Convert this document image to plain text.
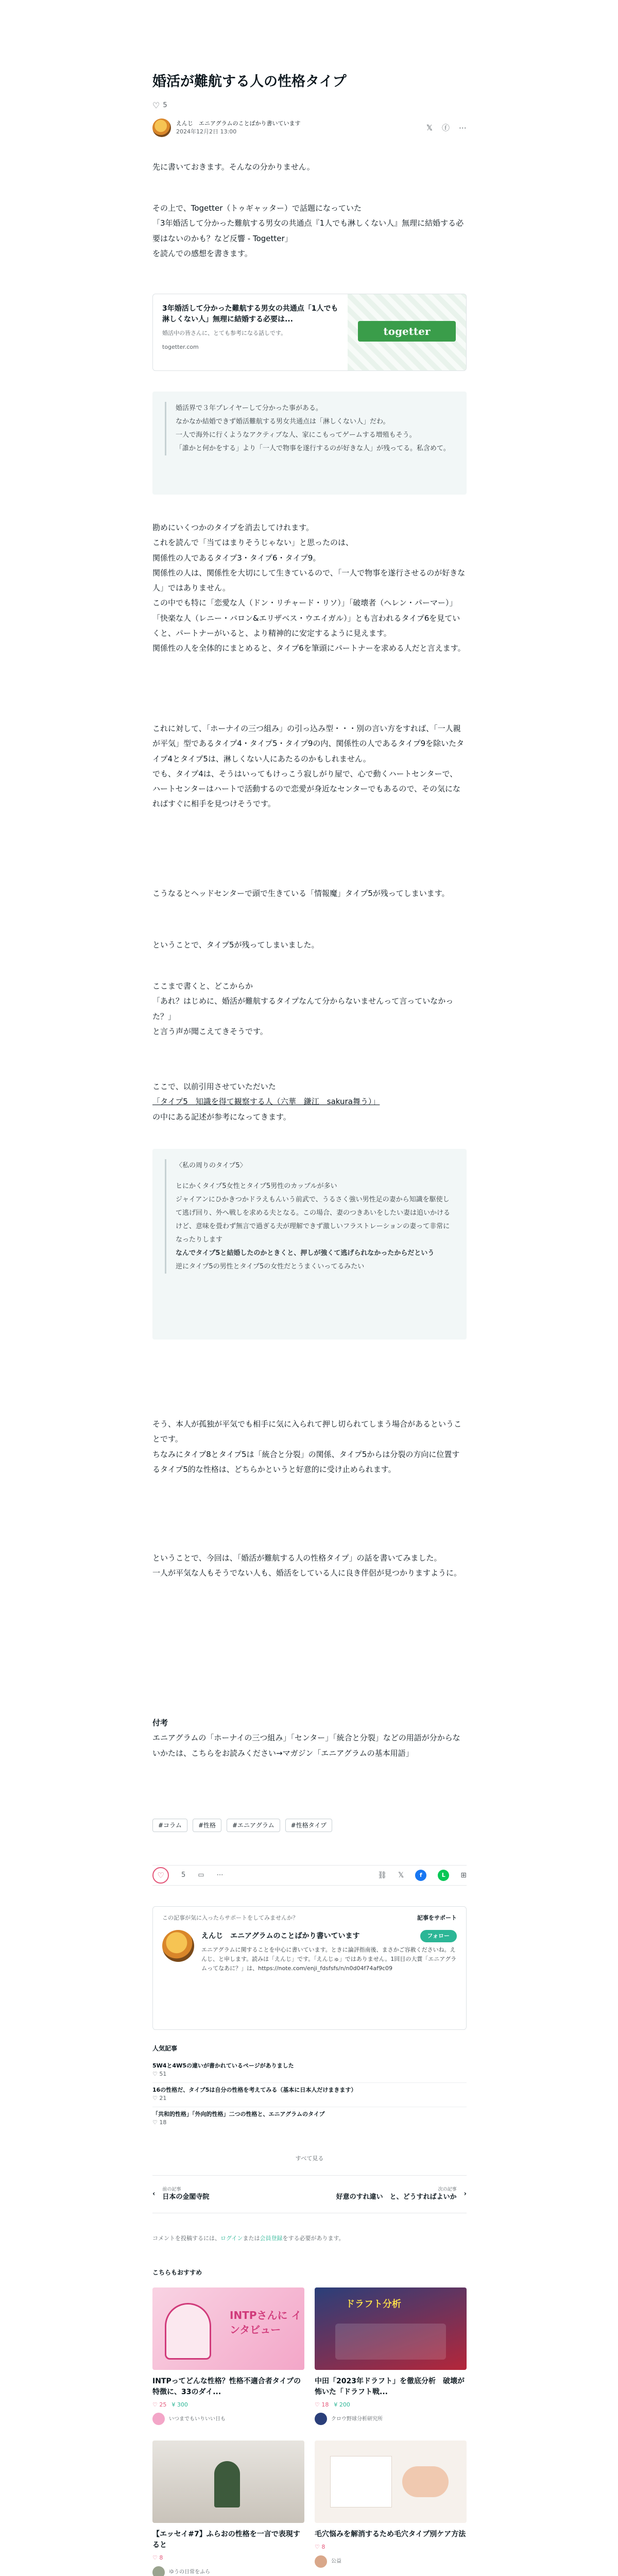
婚活が難航する人の性格タイプ
♡ 5
えんじ　エニアグラムのことばかり書いています
2024年12月2日 13:00	𝕏 ⓕ ⋯
先に書いておきます。そんなの分かりません。
その上で、Togetter（トゥギャッター）で話題になっていた
「3年婚活して分かった難航する男女の共通点『1人でも淋しくない人』無理に結婚する必要はないのかも？など反響 - Togetter」
を読んでの感想を書きます。
3年婚活して分かった難航する男女の共通点「1人でも淋しくない人」無理に結婚する必要は...
婚活中の皆さんに、とても参考になる話しです。
togetter.com
togetter
婚活界で３年プレイヤーして分かった事がある。
なかなか結婚できず婚活難航する男女共通点は「淋しくない人」だわ。
一人で海外に行くようなアクティブな人、家にこもってゲームする増殖もそう。
「誰かと何かをする」より「一人で物事を遂行するのが好きな人」が残ってる。私含めて。
勘めにいくつかのタイプを消去してけれます。
これを読んで「当てはまりそうじゃない」と思ったのは、
関係性の人であるタイプ3・タイプ6・タイプ9。
関係性の人は、関係性を大切にして生きているので、「一人で物事を遂行させるのが好きな人」ではありません。
この中でも特に「恋愛な人（ドン・リチャード・リソ）」「破壊者（ヘレン・パーマー）」「快楽な人（レニー・バロン&エリザベス・ウエイガル）」とも言われるタイプ6を見ていくと、パートナーがいると、より精神的に安定するように見えます。
関係性の人を全体的にまとめると、タイプ6を筆頭にパートナーを求める人だと言えます。
これに対して、「ホーナイの三つ組み」の引っ込み型・・・別の言い方をすれば、「一人親が平気」型であるタイプ4・タイプ5・タイプ9の内、関係性の人であるタイプ9を除いたタイプ4とタイプ5は、淋しくない人にあたるのかもしれません。
でも、タイプ4は、そうはいってもけっこう寂しがり屋で、心で動くハートセンターで、
ハートセンターはハートで活動するので恋愛が身近なセンターでもあるので、その気になればすぐに相手を見つけそうです。
こうなるとヘッドセンターで頭で生きている「情報魔」タイプ5が残ってしまいます。
ということで、タイプ5が残ってしまいました。
ここまで書くと、どこからか
「あれ？はじめに、婚活が難航するタイプなんて分からないませんって言っていなかった？」
と言う声が聞こえてきそうです。
ここで、以前引用させていただいた
「タイプ5　知識を得て観察する人（六華　鎌江　sakura舞う）」
の中にある記述が参考になってきます。
〈私の周りのタイプ5〉
ヒにかくタイプ5女性とタイプ5男性のカップルが多い
ジャイアンにひかきつかドラえもんいう前武で、うるさく強い男性足の妻から知識を駆使して逃げ回り、外へ戦しを求める夫となる。この場合、妻のつきあいをしたい妻は追いかけるけど、意味を畳わず無言で過ぎる夫が理解できず激しいフラストレーションの妻って非常になったりします
なんでタイプ5と結婚したのかときくと、押しが強くて逃げられなかったからだという
逆にタイプ5の男性とタイプ5の女性だとうまくいってるみたい
そう、本人が孤独が平気でも相手に気に入られて押し切られてしまう場合があるということです。
ちなみにタイプ8とタイプ5は「統合と分裂」の関係、タイプ5からは分裂の方向に位置するタイプ5的な性格は、どちらかというと好意的に受け止められます。
ということで、今回は、「婚活が難航する人の性格タイプ」の話を書いてみました。
一人が平気な人もそうでない人も、婚活をしている人に良き伴侶が見つかりますように。
付考
エニアグラムの「ホーナイの三つ組み」「センター」「統合と分裂」などの用語が分からないかたは、こちらをお読みください→マガジン「エニアグラムの基本用語」
#コラム	#性格	#エニアグラム	#性格タイプ
♡	5 ▭ ⋯	⛓ 𝕏	f	L	⊞
この記事が気に入ったらサポートをしてみませんか？	記事をサポート
えんじ　エニアグラムのことばかり書いています	フォロー
エニアグラムに関することを中心に書いています。ときに論評指南後、まさかご容赦くださいね。えんじ、と申します。読みは「えんじ」です。「えんじゅ」ではありません。1回目の大賞「エニアグラムってなあに？」は、https://note.com/enji_fdsfsfs/n/n0d04f74af9c09
人気記事
5W4と4W5の違いが書かれているページがありました
♡ 51
16の性格だ、タイプ5は自分の性格を考えてみる（基本に日本人だけまきます）
♡ 21
「共和的性格」「外向的性格」二つの性格と、エニアグラムのタイプ
♡ 18
すべて見る
‹
前の記事
日本の金閣寺院
次の記事
好意のすれ違い　と、どうすればよいか ›
コメントを投稿するには、ログインまたは会員登録をする必要があります。
こちらもおすすめ
INTPさんに インタビュー
INTPってどんな性格？性格不適合者タイプの特徴に、33のダイ...
♡ 25 ¥ 300
いつまでもいりいい日も
ドラフト分析
中田「2023年ドラフト」を徹底分析　破壊が怖いた「ドラフト戦...
♡ 18 ¥ 200
クロウ野球分析研究所
【エッセイ#7】ふらおの性格を一言で表現すると
♡ 8
ゆうの日常をふら
毛穴悩みを解消するため毛穴タイプ別ケア方法
♡ 8
公益
